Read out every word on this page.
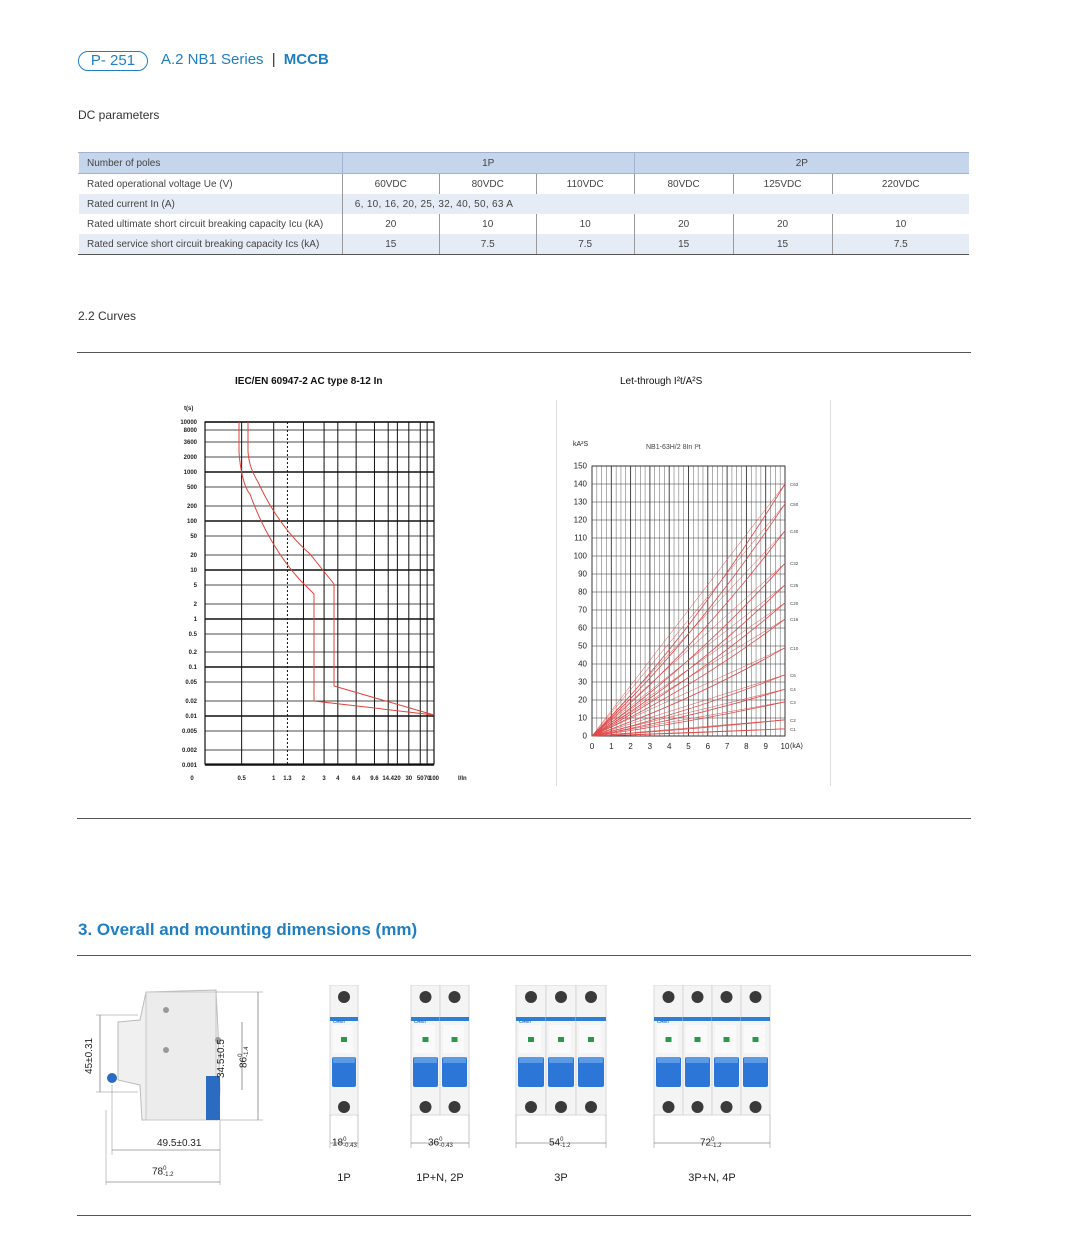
P- 251	A.2 NB1 Series | MCCB
DC parameters
Number of poles	1P			2P		
Rated operational voltage Ue (V)	60VDC	80VDC	110VDC	80VDC	125VDC	220VDC
Rated current In (A)	6, 10, 16, 20, 25, 32, 40, 50, 63 A					
Rated ultimate short circuit breaking capacity Icu (kA)	20	10	10	20	20	10
Rated service short circuit breaking capacity Ics (kA)	15	7.5	7.5	15	15	7.5
2.2 Curves
IEC/EN 60947-2 AC type 8-12 In	Let-through I²t/A²S
10000
8000
3600
2000
1000
500
200
100
50
20
10
5
2
1
0.5
0.2
0.1
0.05
0.02
0.01
0.005
0.002
0.001
0	0.5	1 1.3 2	3 4 6.4 9.6 14.4 20 30 50 70
100
t(s)
I/In
0
10
20
30
40
50
60
70
80
90
100
110
120
130
140
150
0 1 2 3 4 5 6 7 8 9 10
C63
C50
C40
C32
C25
C20
C16
C10
C6
C4
C3
C2
C1
kA²S	NB1-63H/2 8In I²t
(kA)
3. Overall and mounting dimensions (mm)
45±0.31	34.5±0.5 86
0 -1.4
49.5±0.31
78 0
-1.2
CHNT
18 0
-0.43
1P
CHNT
36 0
-0.43
1P+N, 2P
CHNT
54 0
-1.2
3P
CHNT
72 0
-1.2
3P+N, 4P
